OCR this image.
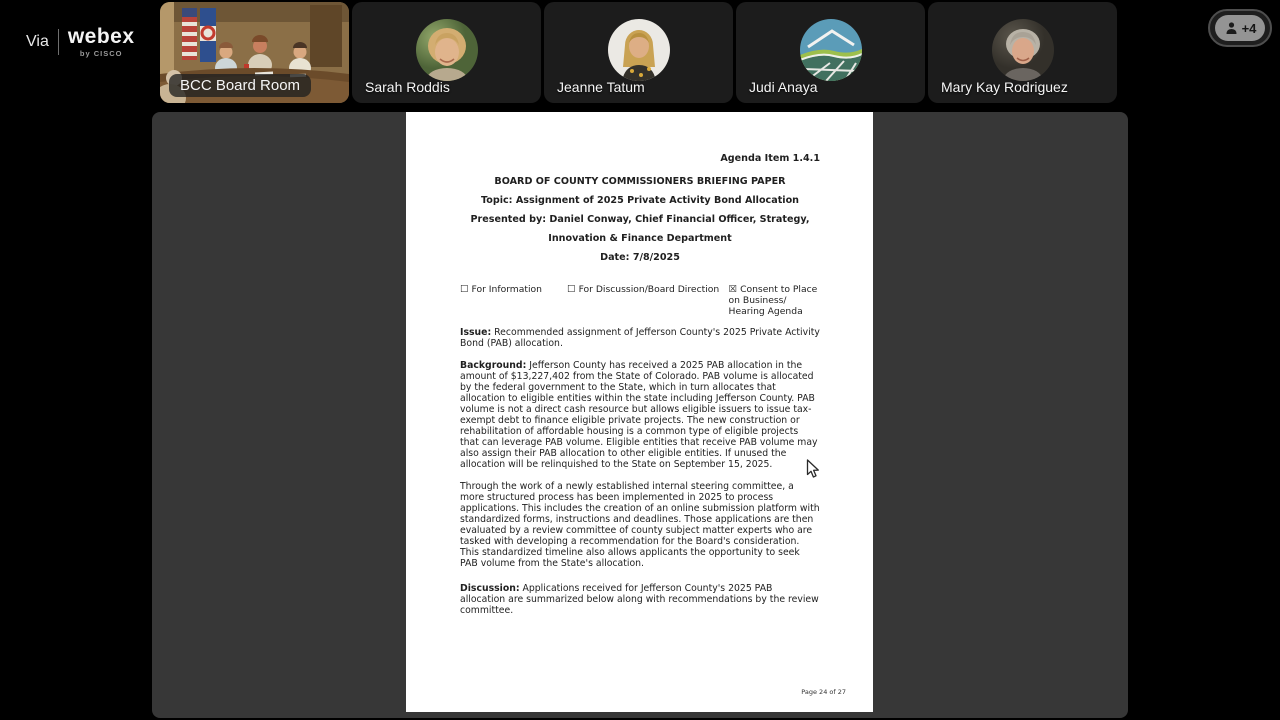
Via webex
by CISCO
BCC Board Room	Sarah Roddis	Jeanne Tatum	Judi Anaya	Mary Kay Rodriguez
+4
Agenda Item 1.4.1
BOARD OF COUNTY COMMISSIONERS BRIEFING PAPER
Topic: Assignment of 2025 Private Activity Bond Allocation
Presented by: Daniel Conway, Chief Financial Officer, Strategy,
Innovation & Finance Department
Date: 7/8/2025
☐ For Information	☐ For Discussion/Board Direction ☒ Consent to Place on Business/ Hearing Agenda

Issue: Recommended assignment of Jefferson County's 2025 Private Activity Bond (PAB) allocation.

Background: Jefferson County has received a 2025 PAB allocation in the amount of $13,227,402 from the State of Colorado. PAB volume is allocated by the federal government to the State, which in turn allocates that allocation to eligible entities within the state including Jefferson County. PAB volume is not a direct cash resource but allows eligible issuers to issue tax-exempt debt to finance eligible private projects. The new construction or rehabilitation of affordable housing is a common type of eligible projects that can leverage PAB volume. Eligible entities that receive PAB volume may also assign their PAB allocation to other eligible entities. If unused the allocation will be relinquished to the State on September 15, 2025.

Through the work of a newly established internal steering committee, a more structured process has been implemented in 2025 to process applications. This includes the creation of an online submission platform with standardized forms, instructions and deadlines. Those applications are then evaluated by a review committee of county subject matter experts who are tasked with developing a recommendation for the Board's consideration. This standardized timeline also allows applicants the opportunity to seek PAB volume from the State's allocation.

Discussion: Applications received for Jefferson County's 2025 PAB allocation are summarized below along with recommendations by the review committee.

Page 24 of 27
